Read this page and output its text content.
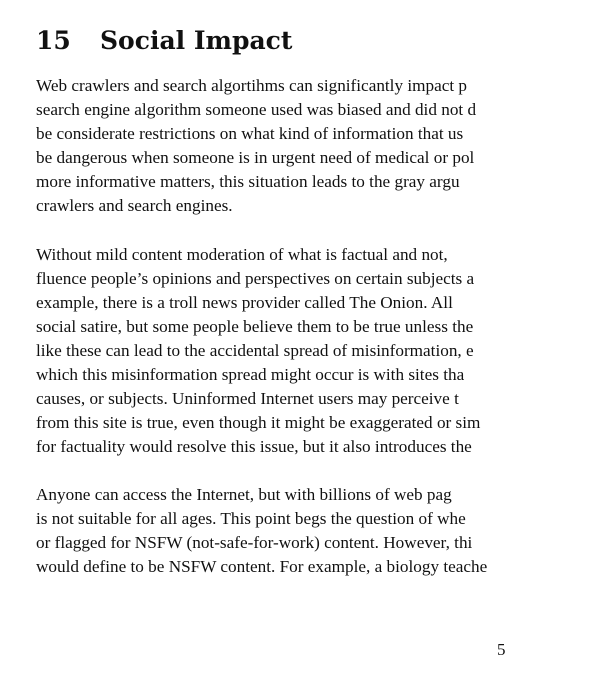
15 Social Impact
Web crawlers and search algortihms can significantly impact p
search engine algorithm someone used was biased and did not d
be considerate restrictions on what kind of information that us
be dangerous when someone is in urgent need of medical or pol
more informative matters, this situation leads to the gray argu
crawlers and search engines.
Without mild content moderation of what is factual and not,
fluence people’s opinions and perspectives on certain subjects a
example, there is a troll news provider called The Onion. All
social satire, but some people believe them to be true unless the
like these can lead to the accidental spread of misinformation, e
which this misinformation spread might occur is with sites tha
causes, or subjects. Uninformed Internet users may perceive t
from this site is true, even though it might be exaggerated or sim
for factuality would resolve this issue, but it also introduces the
Anyone can access the Internet, but with billions of web pag
is not suitable for all ages. This point begs the question of whe
or flagged for NSFW (not-safe-for-work) content. However, thi
would define to be NSFW content. For example, a biology teache
5
